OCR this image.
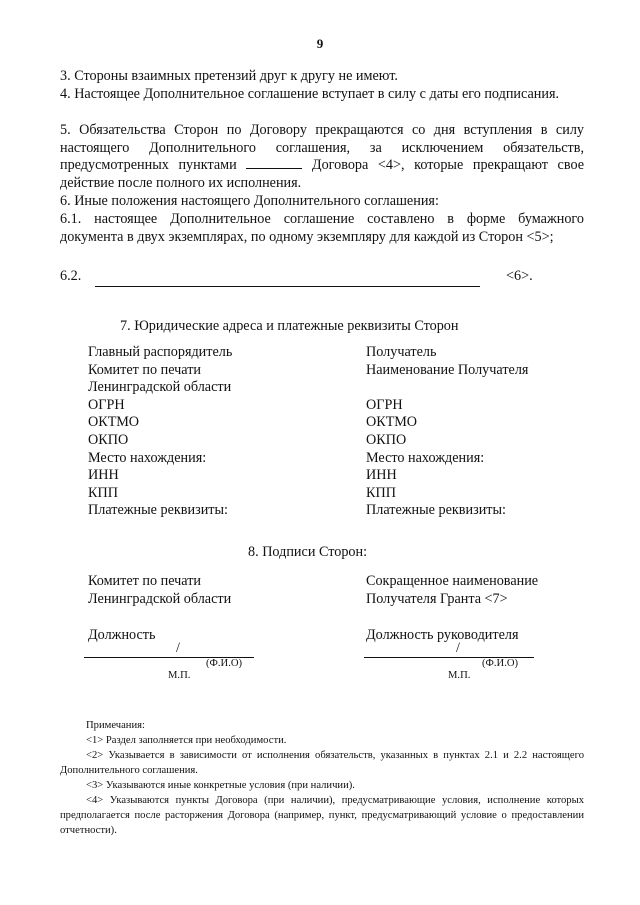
9
3. Стороны взаимных претензий друг к другу не имеют.
4. Настоящее Дополнительное соглашение вступает в силу с даты его подписания.
5. Обязательства Сторон по Договору прекращаются со дня вступления в силу настоящего Дополнительного соглашения, за исключением обязательств, предусмотренных пунктами	Договора <4>, которые прекращают свое действие после полного их исполнения.
6. Иные положения настоящего Дополнительного соглашения:
6.1. настоящее Дополнительное соглашение составлено в форме бумажного документа в двух экземплярах, по одному экземпляру для каждой из Сторон <5>;
6.2.	<6>.
7. Юридические адреса и платежные реквизиты Сторон
Главный распорядитель
Комитет по печати
Ленинградской области
ОГРН
ОКТМО
ОКПО
Место нахождения:
ИНН
КПП
Платежные реквизиты:
Получатель
Наименование Получателя
ОГРН
ОКТМО
ОКПО
Место нахождения:
ИНН
КПП
Платежные реквизиты:
8. Подписи Сторон:
Комитет по печати
Ленинградской области
Должность
/
(Ф.И.О)
М.П.
Сокращенное наименование
Получателя Гранта <7>
Должность руководителя
/
(Ф.И.О)
М.П.
Примечания:
<1> Раздел заполняется при необходимости.
<2> Указывается в зависимости от исполнения обязательств, указанных в пунктах 2.1 и 2.2 настоящего Дополнительного соглашения.
<3> Указываются иные конкретные условия (при наличии).
<4> Указываются пункты Договора (при наличии), предусматривающие условия, исполнение которых предполагается после расторжения Договора (например, пункт, предусматривающий условие о предоставлении отчетности).
